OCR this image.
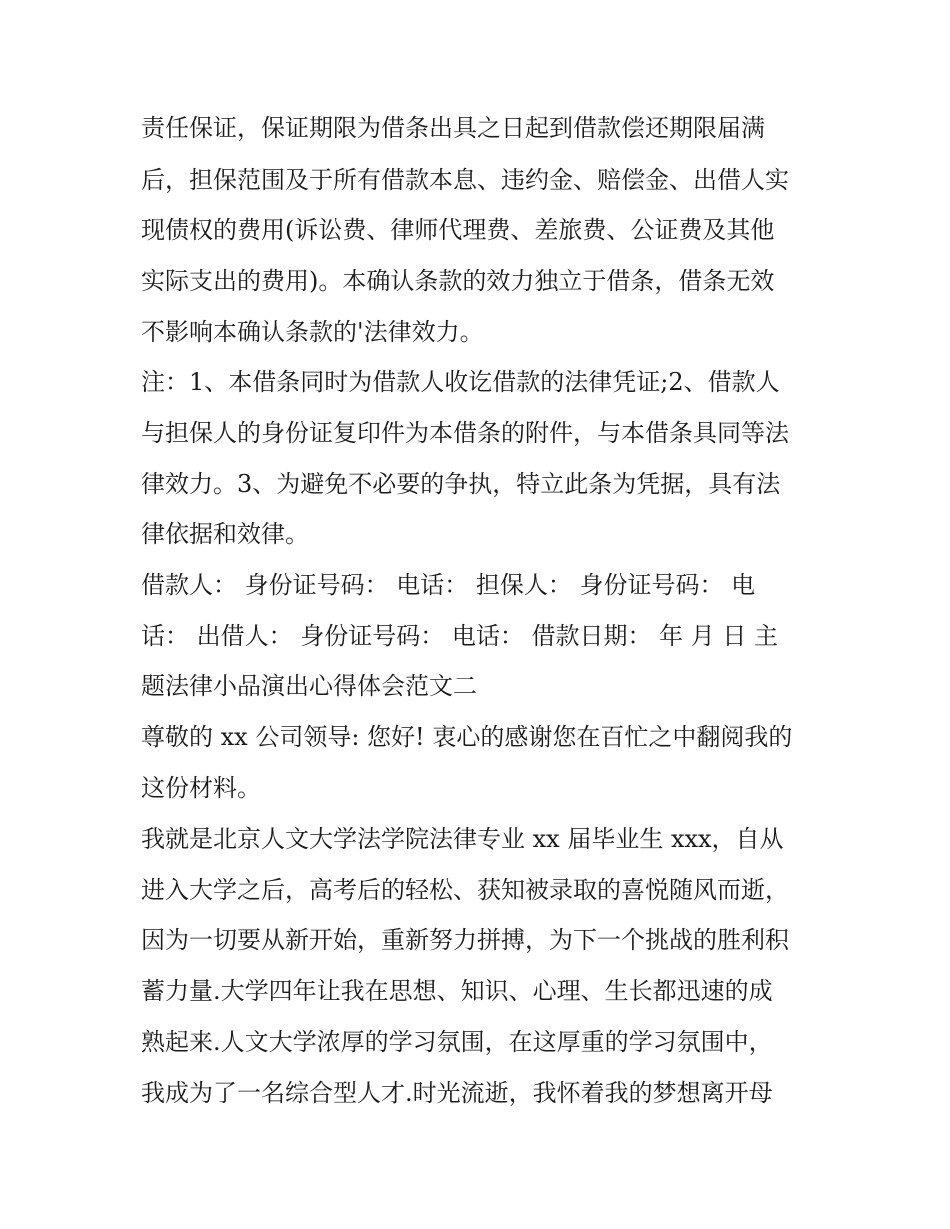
责任保证，保证期限为借条出具之日起到借款偿还期限届满
后，担保范围及于所有借款本息、违约金、赔偿金、出借人实
现债权的费用(诉讼费、律师代理费、差旅费、公证费及其他
实际支出的费用)。本确认条款的效力独立于借条，借条无效
不影响本确认条款的'法律效力。
注：1、本借条同时为借款人收讫借款的法律凭证;2、借款人
与担保人的身份证复印件为本借条的附件，与本借条具同等法
律效力。3、为避免不必要的争执，特立此条为凭据，具有法
律依据和效律。
借款人： 身份证号码： 电话： 担保人： 身份证号码： 电
话： 出借人： 身份证号码： 电话： 借款日期： 年 月 日 主
题法律小品演出心得体会范文二
尊敬的 xx 公司领导: 您好! 衷心的感谢您在百忙之中翻阅我的
这份材料。
我就是北京人文大学法学院法律专业 xx 届毕业生 xxx，自从
进入大学之后，高考后的轻松、获知被录取的喜悦随风而逝，
因为一切要从新开始，重新努力拼搏，为下一个挑战的胜利积
蓄力量.大学四年让我在思想、知识、心理、生长都迅速的成
熟起来.人文大学浓厚的学习氛围，在这厚重的学习氛围中，
我成为了一名综合型人才.时光流逝，我怀着我的梦想离开母
